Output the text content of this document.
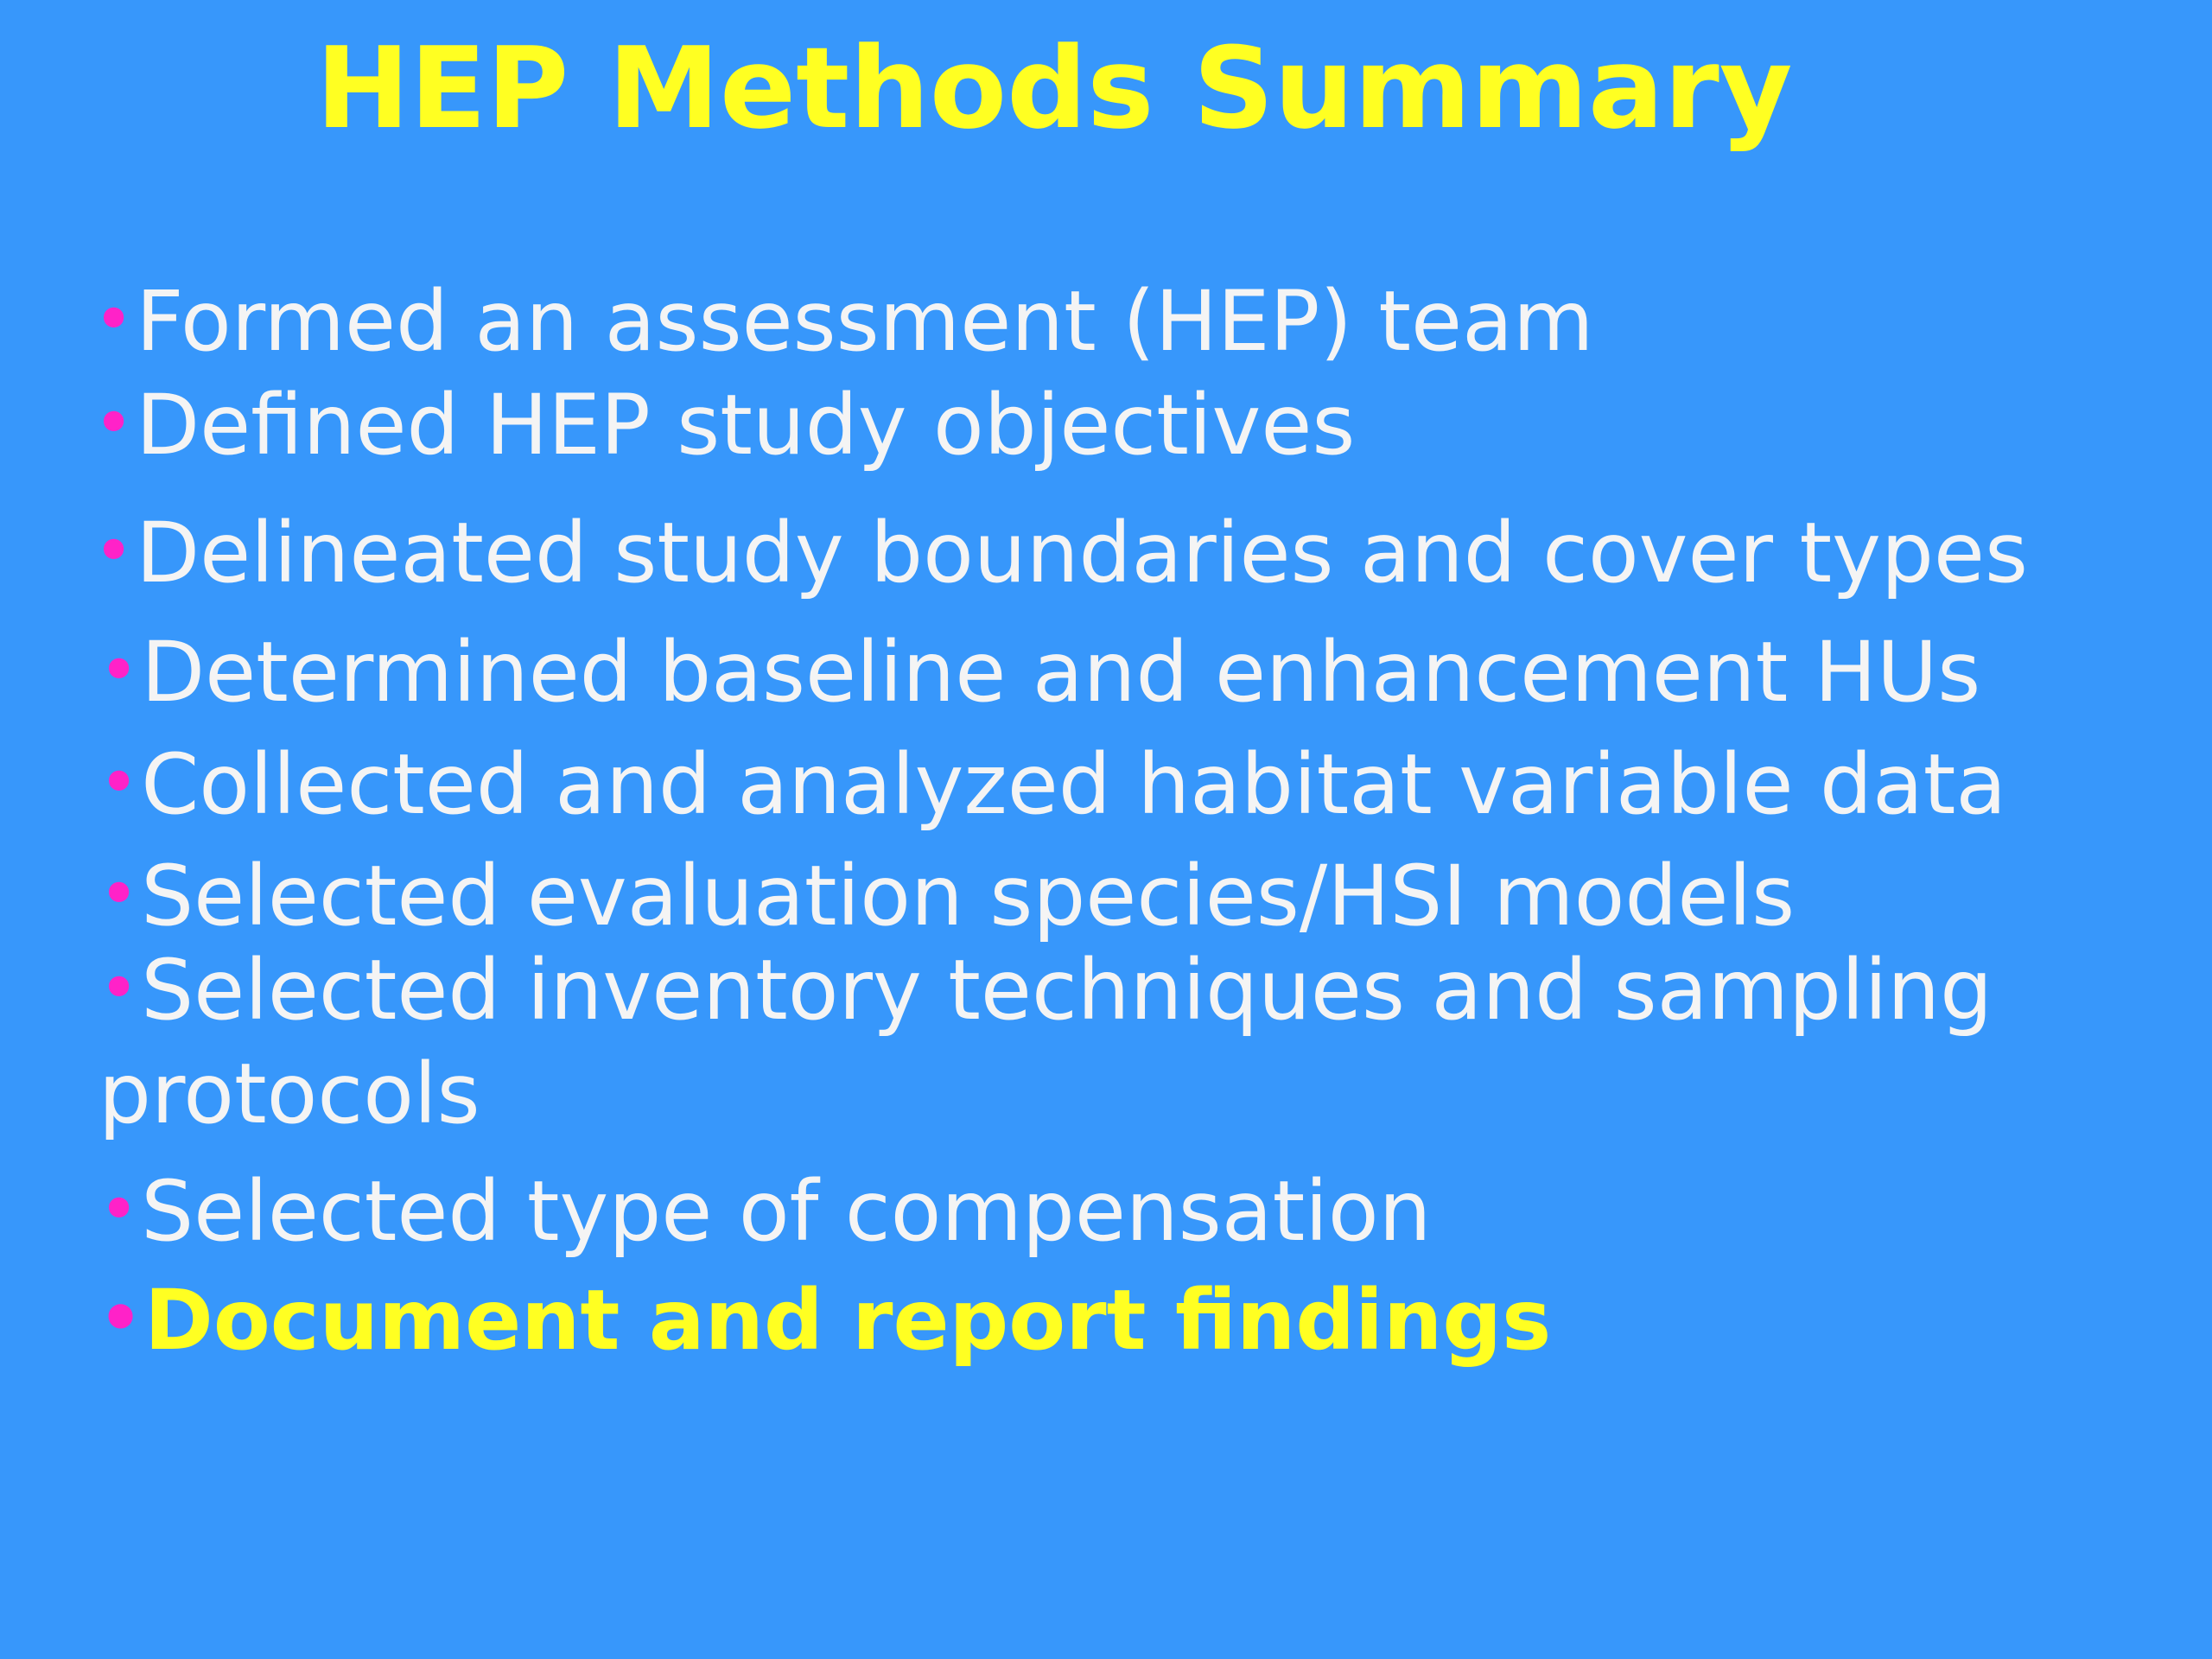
HEP Methods Summary
•Formed an assessment (HEP) team
•Defined HEP study objectives
•Delineated study boundaries and cover types
•Determined baseline and enhancement HUs
•Collected and analyzed habitat variable data
•Selected evaluation species/HSI models
•Selected inventory techniques and sampling protocols
•Selected type of compensation
•Document and report findings
